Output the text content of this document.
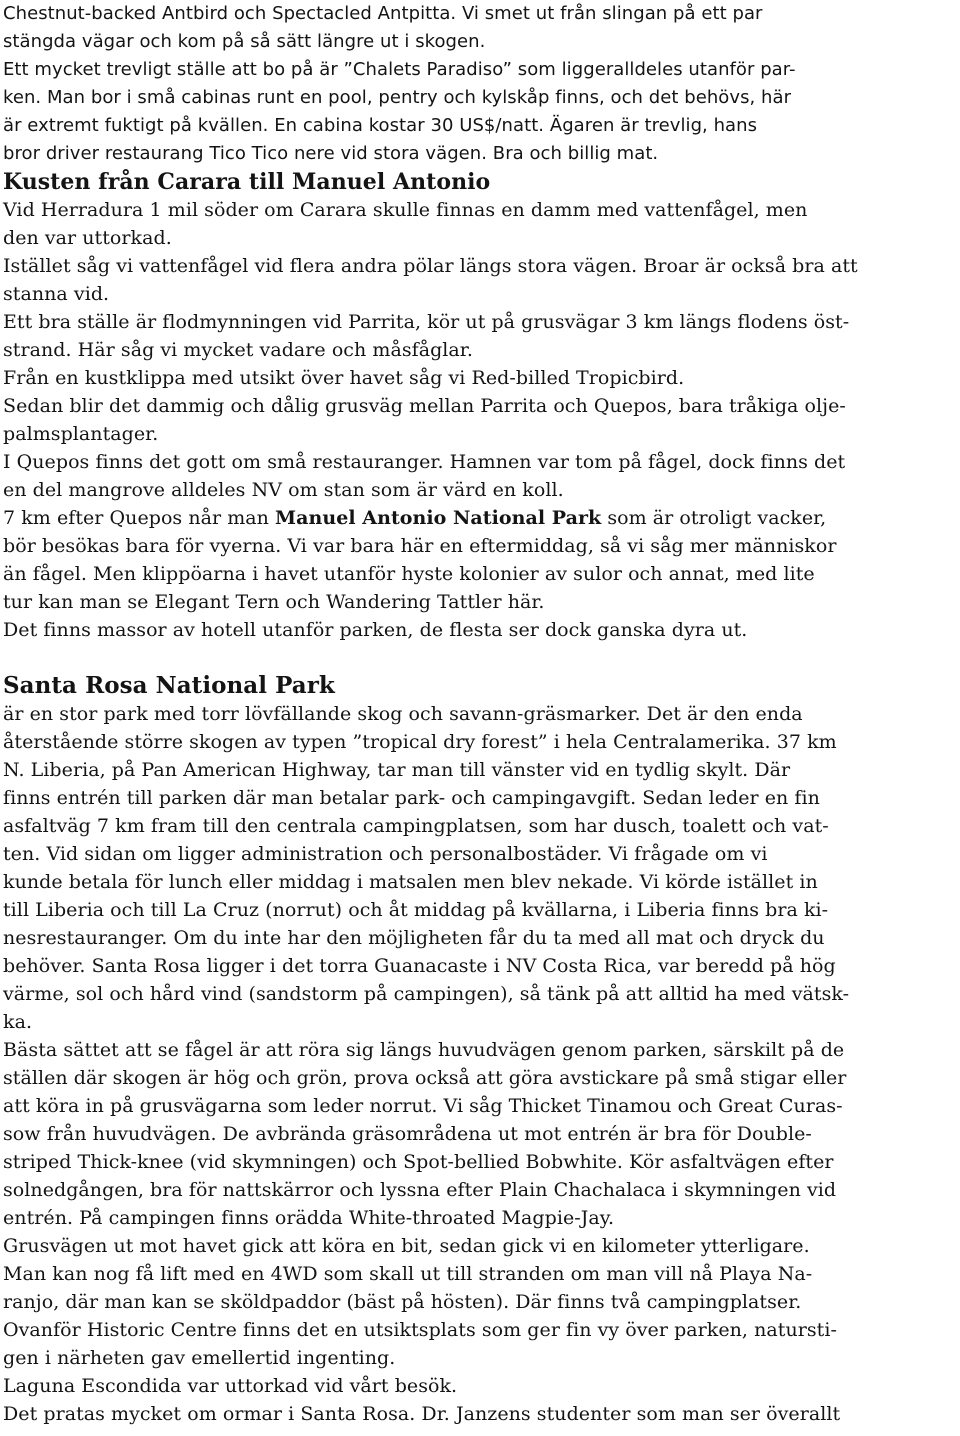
Chestnut-backed Antbird och Spectacled Antpitta. Vi smet ut från slingan på ett par
stängda vägar och kom på så sätt längre ut i skogen.
Ett mycket trevligt ställe att bo på är ”Chalets Paradiso” som liggeralldeles utanför par-
ken. Man bor i små cabinas runt en pool, pentry och kylskåp finns, och det behövs, här
är extremt fuktigt på kvällen. En cabina kostar 30 US$/natt. Ägaren är trevlig, hans
bror driver restaurang Tico Tico nere vid stora vägen. Bra och billig mat.
Kusten från Carara till Manuel Antonio
Vid Herradura 1 mil söder om Carara skulle finnas en damm med vattenfågel, men
den var uttorkad.
Istället såg vi vattenfågel vid flera andra pölar längs stora vägen. Broar är också bra att
stanna vid.
Ett bra ställe är flodmynningen vid Parrita, kör ut på grusvägar 3 km längs flodens öst-
strand. Här såg vi mycket vadare och måsfåglar.
Från en kustklippa med utsikt över havet såg vi Red-billed Tropicbird.
Sedan blir det dammig och dålig grusväg mellan Parrita och Quepos, bara tråkiga olje-
palmsplantager.
I Quepos finns det gott om små restauranger. Hamnen var tom på fågel, dock finns det
en del mangrove alldeles NV om stan som är värd en koll.
7 km efter Quepos når man Manuel Antonio National Park som är otroligt vacker,
bör besökas bara för vyerna. Vi var bara här en eftermiddag, så vi såg mer människor
än fågel. Men klippöarna i havet utanför hyste kolonier av sulor och annat, med lite
tur kan man se Elegant Tern och Wandering Tattler här.
Det finns massor av hotell utanför parken, de flesta ser dock ganska dyra ut.
Santa Rosa National Park
är en stor park med torr lövfällande skog och savann-gräsmarker. Det är den enda
återstående större skogen av typen ”tropical dry forest” i hela Centralamerika. 37 km
N. Liberia, på Pan American Highway, tar man till vänster vid en tydlig skylt. Där
finns entrén till parken där man betalar park- och campingavgift. Sedan leder en fin
asfaltväg 7 km fram till den centrala campingplatsen, som har dusch, toalett och vat-
ten. Vid sidan om ligger administration och personalbostäder. Vi frågade om vi
kunde betala för lunch eller middag i matsalen men blev nekade. Vi körde istället in
till Liberia och till La Cruz (norrut) och åt middag på kvällarna, i Liberia finns bra ki-
nesrestauranger. Om du inte har den möjligheten får du ta med all mat och dryck du
behöver. Santa Rosa ligger i det torra Guanacaste i NV Costa Rica, var beredd på hög
värme, sol och hård vind (sandstorm på campingen), så tänk på att alltid ha med vätsk-
ka.
Bästa sättet att se fågel är att röra sig längs huvudvägen genom parken, särskilt på de
ställen där skogen är hög och grön, prova också att göra avstickare på små stigar eller
att köra in på grusvägarna som leder norrut. Vi såg Thicket Tinamou och Great Curas-
sow från huvudvägen. De avbrända gräsområdena ut mot entrén är bra för Double-
striped Thick-knee (vid skymningen) och Spot-bellied Bobwhite. Kör asfaltvägen efter
solnedgången, bra för nattskärror och lyssna efter Plain Chachalaca i skymningen vid
entrén. På campingen finns orädda White-throated Magpie-Jay.
Grusvägen ut mot havet gick att köra en bit, sedan gick vi en kilometer ytterligare.
Man kan nog få lift med en 4WD som skall ut till stranden om man vill nå Playa Na-
ranjo, där man kan se sköldpaddor (bäst på hösten). Där finns två campingplatser.
Ovanför Historic Centre finns det en utsiktsplats som ger fin vy över parken, natursti-
gen i närheten gav emellertid ingenting.
Laguna Escondida var uttorkad vid vårt besök.
Det pratas mycket om ormar i Santa Rosa. Dr. Janzens studenter som man ser överallt
